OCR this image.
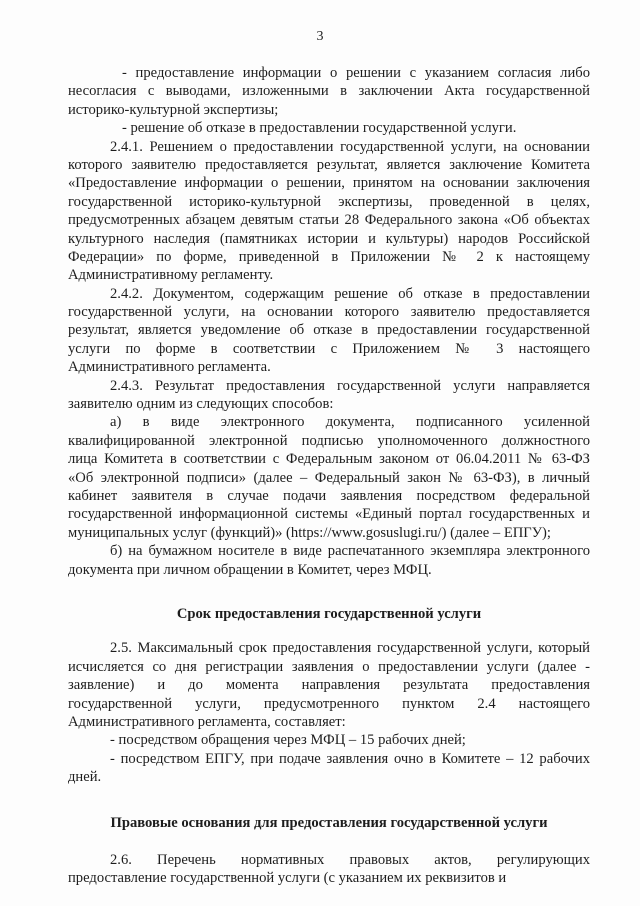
3
- предоставление информации о решении с указанием согласия либо
несогласия с выводами, изложенными в заключении Акта государственной
историко-культурной экспертизы;
- решение об отказе в предоставлении государственной услуги.
2.4.1. Решением о предоставлении государственной услуги, на основании
которого заявителю предоставляется результат, является заключение Комитета
«Предоставление информации о решении, принятом на основании заключения
государственной историко-культурной экспертизы, проведенной в целях,
предусмотренных абзацем девятым статьи 28 Федерального закона «Об объектах
культурного наследия (памятниках истории и культуры) народов Российской
Федерации» по форме, приведенной в Приложении № 2 к настоящему
Административному регламенту.
2.4.2. Документом, содержащим решение об отказе в предоставлении
государственной услуги, на основании которого заявителю предоставляется
результат, является уведомление об отказе в предоставлении государственной
услуги по форме в соответствии с Приложением № 3 настоящего
Административного регламента.
2.4.3. Результат предоставления государственной услуги направляется
заявителю одним из следующих способов:
а) в виде электронного документа, подписанного усиленной
квалифицированной электронной подписью уполномоченного должностного
лица Комитета в соответствии с Федеральным законом от 06.04.2011 № 63-ФЗ
«Об электронной подписи» (далее – Федеральный закон № 63-ФЗ), в личный
кабинет заявителя в случае подачи заявления посредством федеральной
государственной информационной системы «Единый портал государственных и
муниципальных услуг (функций)» (https://www.gosuslugi.ru/) (далее – ЕПГУ);
б) на бумажном носителе в виде распечатанного экземпляра электронного
документа при личном обращении в Комитет, через МФЦ.
Срок предоставления государственной услуги
2.5. Максимальный срок предоставления государственной услуги, который
исчисляется со дня регистрации заявления о предоставлении услуги (далее -
заявление) и до момента направления результата предоставления
государственной услуги, предусмотренного пунктом 2.4 настоящего
Административного регламента, составляет:
- посредством обращения через МФЦ – 15 рабочих дней;
- посредством ЕПГУ, при подаче заявления очно в Комитете – 12 рабочих
дней.
Правовые основания для предоставления государственной услуги
2.6. Перечень нормативных правовых актов, регулирующих
предоставление государственной услуги (с указанием их реквизитов и
